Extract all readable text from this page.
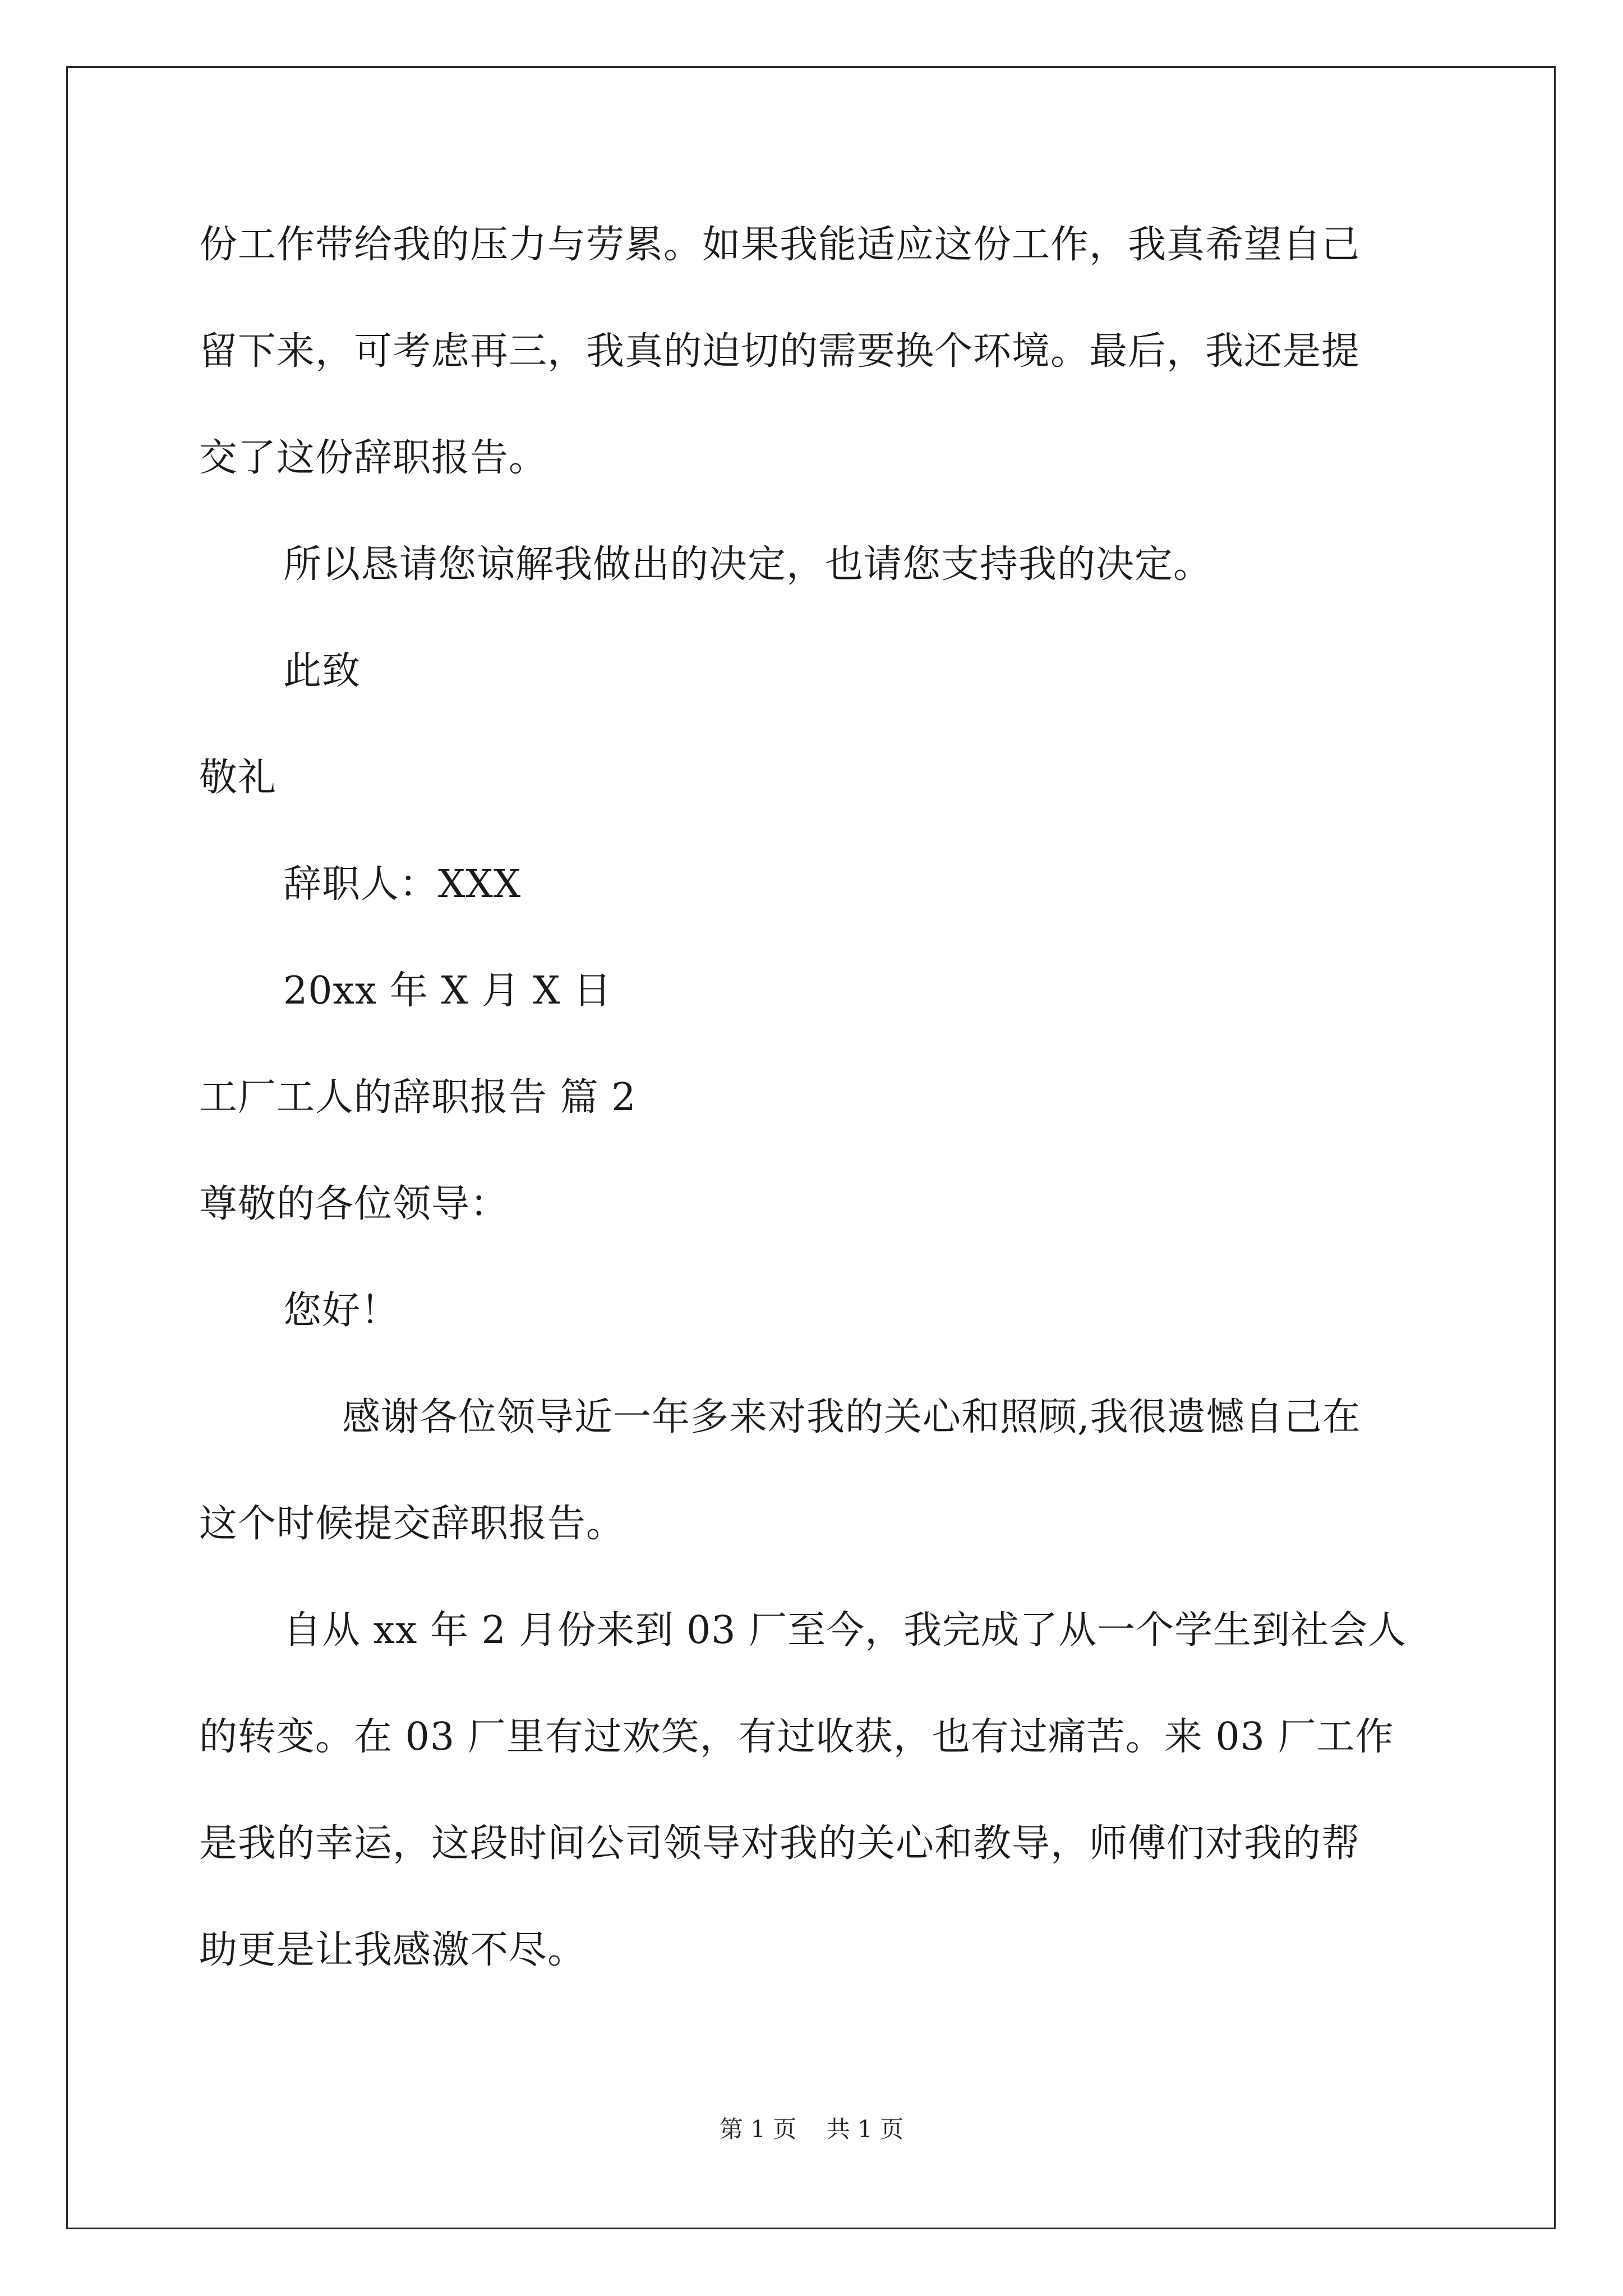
份工作带给我的压力与劳累。如果我能适应这份工作，我真希望自己
留下来，可考虑再三，我真的迫切的需要换个环境。最后，我还是提
交了这份辞职报告。
所以恳请您谅解我做出的决定，也请您支持我的决定。
此致
敬礼
辞职人：XXX
20xx 年 X 月 X 日
工厂工人的辞职报告 篇 2
尊敬的各位领导：
您好！
感谢各位领导近一年多来对我的关心和照顾,我很遗憾自己在
这个时候提交辞职报告。
自从 xx 年 2 月份来到 03 厂至今，我完成了从一个学生到社会人
的转变。在 03 厂里有过欢笑，有过收获，也有过痛苦。来 03 厂工作
是我的幸运，这段时间公司领导对我的关心和教导，师傅们对我的帮
助更是让我感激不尽。
第 1 页    共 1 页
